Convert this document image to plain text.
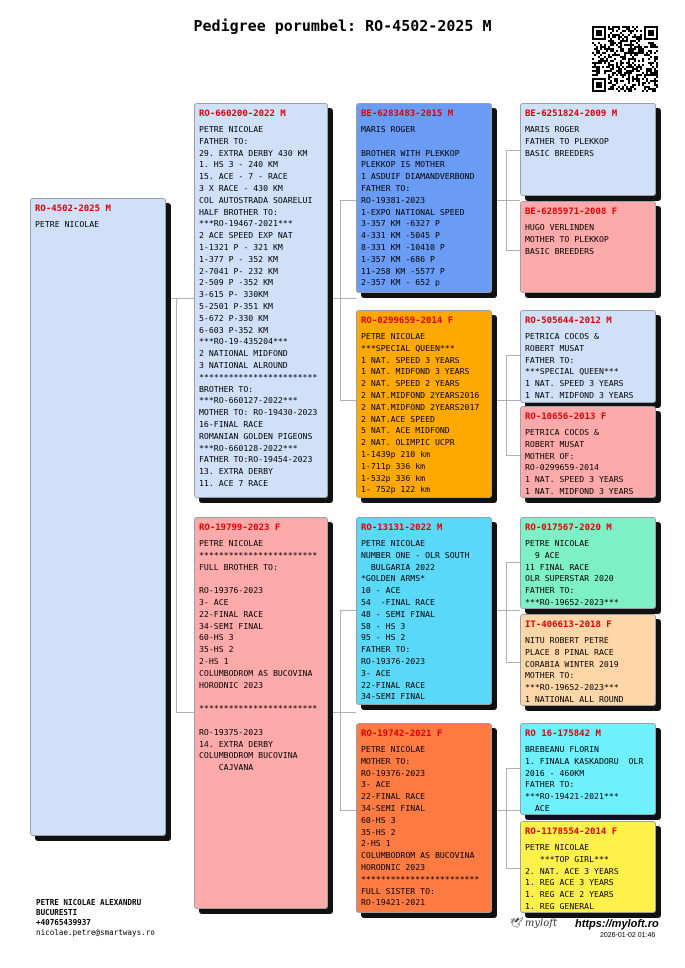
Pedigree porumbel: RO-4502-2025 M
RO-4502-2025 M
PETRE NICOLAE
RO-660200-2022 M
PETRE NICOLAE
FATHER TO:
29. EXTRA DERBY 430 KM
1. HS 3 - 240 KM
15. ACE - 7 - RACE
3 X RACE - 430 KM
COL AUTOSTRADA SOARELUI
HALF BROTHER TO:
***RO-19467-2021***
2 ACE SPEED EXP NAT
1-1321 P - 321 KM
1-377 P - 352 KM
2-7041 P- 232 KM
2-509 P -352 KM
3-615 P- 330KM
5-2501 P-351 KM
5-672 P-330 KM
6-603 P-352 KM
***RO-19-435204***
2 NATIONAL MIDFOND
3 NATIONAL ALROUND
************************
BROTHER TO:
***RO-660127-2022***
MOTHER TO: RO-19430-2023
16-FINAL RACE
ROMANIAN GOLDEN PIGEONS
***RO-660128-2022***
FATHER TO:RO-19454-2023
13. EXTRA DERBY
11. ACE 7 RACE
RO-19799-2023 F
PETRE NICOLAE
************************
FULL BROTHER TO:

RO-19376-2023
3- ACE
22-FINAL RACE
34-SEMI FINAL
60-HS 3
35-HS 2
2-HS 1
COLUMBODROM AS BUCOVINA
HORODNIC 2023

************************

RO-19375-2023
14. EXTRA DERBY
COLUMBODROM BUCOVINA
CAJVANA
BE-6283483-2015 M
MARIS ROGER

BROTHER WITH PLEKKOP
PLEKKOP IS MOTHER
1 ASDUIF DIAMANDVERBOND
FATHER TO:
RO-19381-2023
1-EXPO NATIONAL SPEED
3-357 KM -6327 P
4-331 KM -5045 P
8-331 KM -10410 P
1-357 KM -686 P
11-258 KM -5577 P
2-357 KM - 652 p
RO-0299659-2014 F
PETRE NICOLAE
***SPECIAL QUEEN***
1 NAT. SPEED 3 YEARS
1 NAT. MIDFOND 3 YEARS
2 NAT. SPEED 2 YEARS
2 NAT.MIDFOND 2YEARS2016
2 NAT.MIDFOND 2YEARS2017
2 NAT.ACE SPEED
5 NAT. ACE MIDFOND
2 NAT. OLIMPIC UCPR
1-1439p 210 km
1-711p 336 km
1-532p 336 km
1- 752p 122 km
RO-13131-2022 M
PETRE NICOLAE
NUMBER ONE - OLR SOUTH
BULGARIA 2022
*GOLDEN ARMS*
10 - ACE
54  -FINAL RACE
48 - SEMI FINAL
58 - HS 3
95 - HS 2
FATHER TO:
RO-19376-2023
3- ACE
22-FINAL RACE
34-SEMI FINAL
RO-19742-2021 F
PETRE NICOLAE
MOTHER TO:
RO-19376-2023
3- ACE
22-FINAL RACE
34-SEMI FINAL
60-HS 3
35-HS 2
2-HS 1
COLUMBODROM AS BUCOVINA
HORODNIC 2023
************************
FULL SISTER TO:
RO-19421-2021
BE-6251824-2009 M
MARIS ROGER
FATHER TO PLEKKOP
BASIC BREEDERS
BE-6285971-2008 F
HUGO VERLINDEN
MOTHER TO PLEKKOP
BASIC BREEDERS
RO-505644-2012 M
PETRICA COCOS &
ROBERT MUSAT
FATHER TO:
***SPECIAL QUEEN***
1 NAT. SPEED 3 YEARS
1 NAT. MIDFOND 3 YEARS
RO-10656-2013 F
PETRICA COCOS &
ROBERT MUSAT
MOTHER OF:
RO-0299659-2014
1 NAT. SPEED 3 YEARS
1 NAT. MIDFOND 3 YEARS
RO-017567-2020 M
PETRE NICOLAE
9 ACE
11 FINAL RACE
OLR SUPERSTAR 2020
FATHER TO:
***RO-19652-2023***
IT-406613-2018 F
NITU ROBERT PETRE
PLACE 8 PINAL RACE
CORABIA WINTER 2019
MOTHER TO:
***RO-19652-2023***
1 NATIONAL ALL ROUND
RO 16-175842 M
BREBEANU FLORIN
1. FINALA KASKADORU  OLR
2016 - 460KM
FATHER TO:
***RO-19421-2021***
ACE
RO-1178554-2014 F
PETRE NICOLAE
***TOP GIRL***
2. NAT. ACE 3 YEARS
1. REG ACE 3 YEARS
1. REG ACE 2 YEARS
1. REG GENERAL
PETRE NICOLAE ALEXANDRU
BUCURESTI
+40765439937
nicolae.petre@smartways.ro
🕊 myloft https://myloft.ro
2026-01-02 01:46
